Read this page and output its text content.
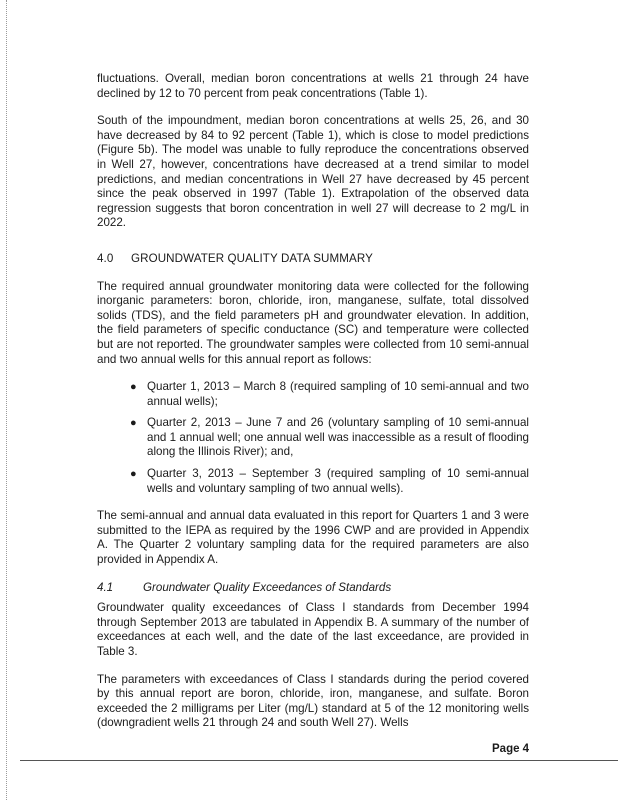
fluctuations. Overall, median boron concentrations at wells 21 through 24 have declined by 12 to 70 percent from peak concentrations (Table 1).

South of the impoundment, median boron concentrations at wells 25, 26, and 30 have decreased by 84 to 92 percent (Table 1), which is close to model predictions (Figure 5b). The model was unable to fully reproduce the concentrations observed in Well 27, however, concentrations have decreased at a trend similar to model predictions, and median concentrations in Well 27 have decreased by 45 percent since the peak observed in 1997 (Table 1). Extrapolation of the observed data regression suggests that boron concentration in well 27 will decrease to 2 mg/L in 2022.

4.0 GROUNDWATER QUALITY DATA SUMMARY

The required annual groundwater monitoring data were collected for the following inorganic parameters: boron, chloride, iron, manganese, sulfate, total dissolved solids (TDS), and the field parameters pH and groundwater elevation. In addition, the field parameters of specific conductance (SC) and temperature were collected but are not reported. The groundwater samples were collected from 10 semi-annual and two annual wells for this annual report as follows:

● Quarter 1, 2013 – March 8 (required sampling of 10 semi-annual and two annual wells);
● Quarter 2, 2013 – June 7 and 26 (voluntary sampling of 10 semi-annual and 1 annual well; one annual well was inaccessible as a result of flooding along the Illinois River); and,
● Quarter 3, 2013 – September 3 (required sampling of 10 semi-annual wells and voluntary sampling of two annual wells).

The semi-annual and annual data evaluated in this report for Quarters 1 and 3 were submitted to the IEPA as required by the 1996 CWP and are provided in Appendix A. The Quarter 2 voluntary sampling data for the required parameters are also provided in Appendix A.

4.1	Groundwater Quality Exceedances of Standards

Groundwater quality exceedances of Class I standards from December 1994 through September 2013 are tabulated in Appendix B. A summary of the number of exceedances at each well, and the date of the last exceedance, are provided in Table 3.

The parameters with exceedances of Class I standards during the period covered by this annual report are boron, chloride, iron, manganese, and sulfate. Boron exceeded the 2 milligrams per Liter (mg/L) standard at 5 of the 12 monitoring wells (downgradient wells 21 through 24 and south Well 27). Wells

Page 4
